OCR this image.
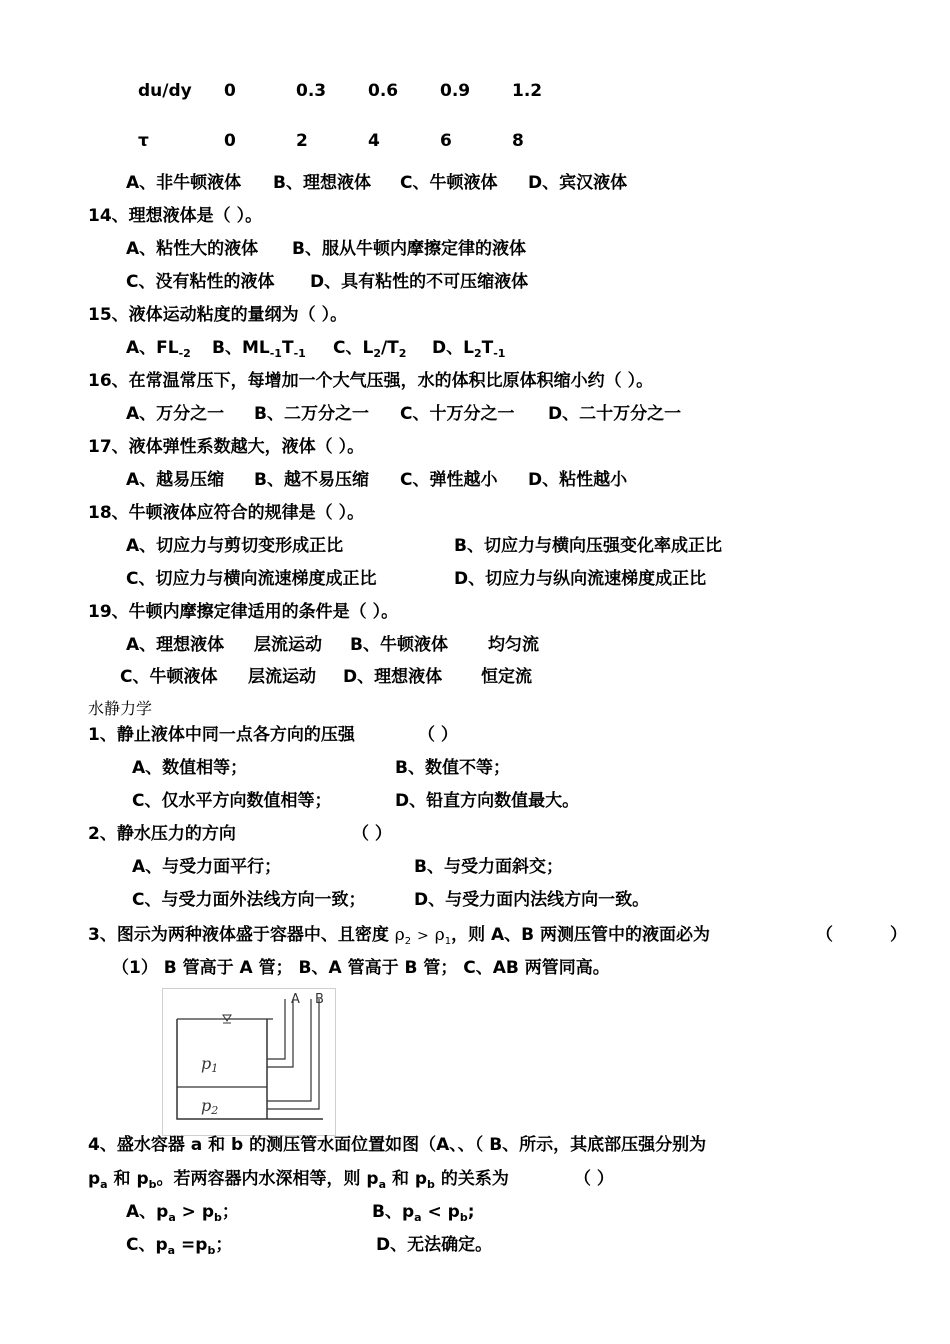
du/dy 0	0.3 0.6 0.9 1.2
τ	0	2	4	6	8
A、非牛顿液体 B、理想液体 C、牛顿液体 D、宾汉液体
14、理想液体是（ ）。
A、粘性大的液体 B、服从牛顿内摩擦定律的液体
C、没有粘性的液体 D、具有粘性的不可压缩液体
15、液体运动粘度的量纲为（ ）。
A、$FL_{-2}$ B、$ML_{-1}T_{-1}$ C、$L_2/T_2$ D、$L_2T_{-1}$
16、在常温常压下，每增加一个大气压强，水的体积比原体积缩小约（ ）。
A、万分之一 B、二万分之一 C、十万分之一 D、二十万分之一
17、液体弹性系数越大，液体（ ）。
A、越易压缩 B、越不易压缩 C、弹性越小 D、粘性越小
18、牛顿液体应符合的规律是（ ）。
A、切应力与剪切变形成正比	B、切应力与横向压强变化率成正比
C、切应力与横向流速梯度成正比	D、切应力与纵向流速梯度成正比
19、牛顿内摩擦定律适用的条件是（ ）。
A、理想液体 层流运动 B、牛顿液体 均匀流
C、牛顿液体 层流运动 D、理想液体 恒定流
水静力学
1、静止液体中同一点各方向的压强	（ ）
A、数值相等；	B、数值不等；
C、仅水平方向数值相等；	D、铅直方向数值最大。
2、静水压力的方向	（ ）
A、与受力面平行；	B、与受力面斜交；
C、与受力面外法线方向一致；	D、与受力面内法线方向一致。
3、图示为两种液体盛于容器中、且密度 $\rho_2 > \rho_1$，则 A、B 两测压管中的液面必为	（	）
（1） B 管高于 A 管； B、A 管高于 B 管； C、AB 两管同高。
A B
p1
p2
4、盛水容器 a 和 b 的测压管水面位置如图（A、、（ B、所示，其底部压强分别为
$p_a$ 和 $p_b$。若两容器内水深相等，则 $p_a$ 和 $p_b$ 的关系为	（ ）
A、$p_a > p_b$；	B、$p_a < p_b$;
C、$p_a =p_b$；	D、无法确定。
